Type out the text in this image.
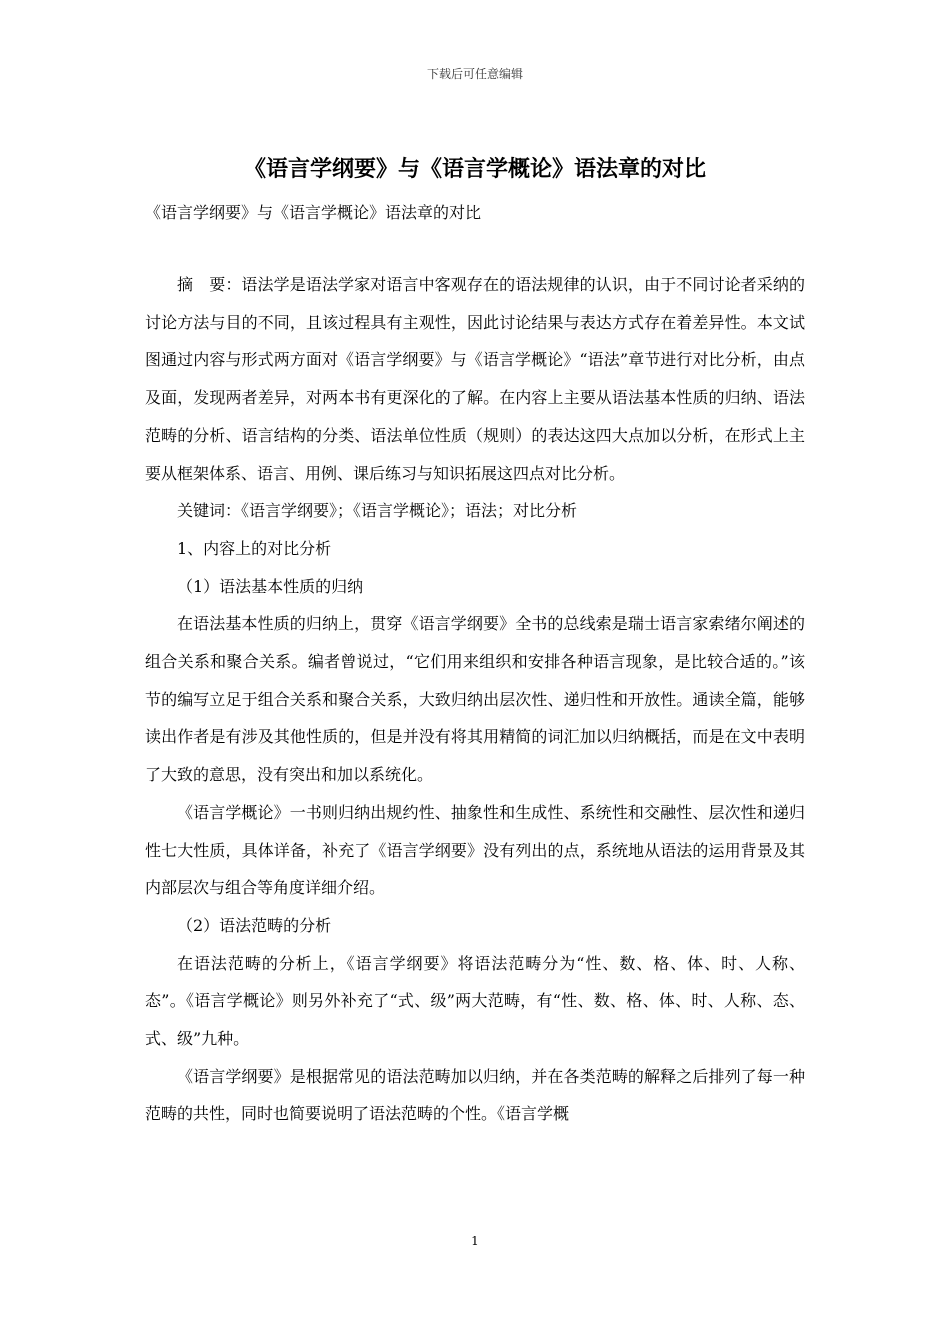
下载后可任意编辑
《语言学纲要》与《语言学概论》语法章的对比

《语言学纲要》与《语言学概论》语法章的对比

摘　要：语法学是语法学家对语言中客观存在的语法规律的认识，由于不同讨论者采纳的讨论方法与目的不同，且该过程具有主观性，因此讨论结果与表达方式存在着差异性。本文试图通过内容与形式两方面对《语言学纲要》与《语言学概论》“语法”章节进行对比分析，由点及面，发现两者差异，对两本书有更深化的了解。在内容上主要从语法基本性质的归纳、语法范畴的分析、语言结构的分类、语法单位性质（规则）的表达这四大点加以分析，在形式上主要从框架体系、语言、用例、课后练习与知识拓展这四点对比分析。

关键词：《语言学纲要》；《语言学概论》；语法；对比分析

1、内容上的对比分析

（1）语法基本性质的归纳

在语法基本性质的归纳上，贯穿《语言学纲要》全书的总线索是瑞士语言家索绪尔阐述的组合关系和聚合关系。编者曾说过，“它们用来组织和安排各种语言现象，是比较合适的。”该节的编写立足于组合关系和聚合关系，大致归纳出层次性、递归性和开放性。通读全篇，能够读出作者是有涉及其他性质的，但是并没有将其用精简的词汇加以归纳概括，而是在文中表明了大致的意思，没有突出和加以系统化。

《语言学概论》一书则归纳出规约性、抽象性和生成性、系统性和交融性、层次性和递归性七大性质，具体详备，补充了《语言学纲要》没有列出的点，系统地从语法的运用背景及其内部层次与组合等角度详细介绍。

（2）语法范畴的分析

在语法范畴的分析上，《语言学纲要》将语法范畴分为“性、数、格、体、时、人称、态”。《语言学概论》则另外补充了“式、级”两大范畴，有“性、数、格、体、时、人称、态、式、级”九种。

《语言学纲要》是根据常见的语法范畴加以归纳，并在各类范畴的解释之后排列了每一种范畴的共性，同时也简要说明了语法范畴的个性。《语言学概

1
